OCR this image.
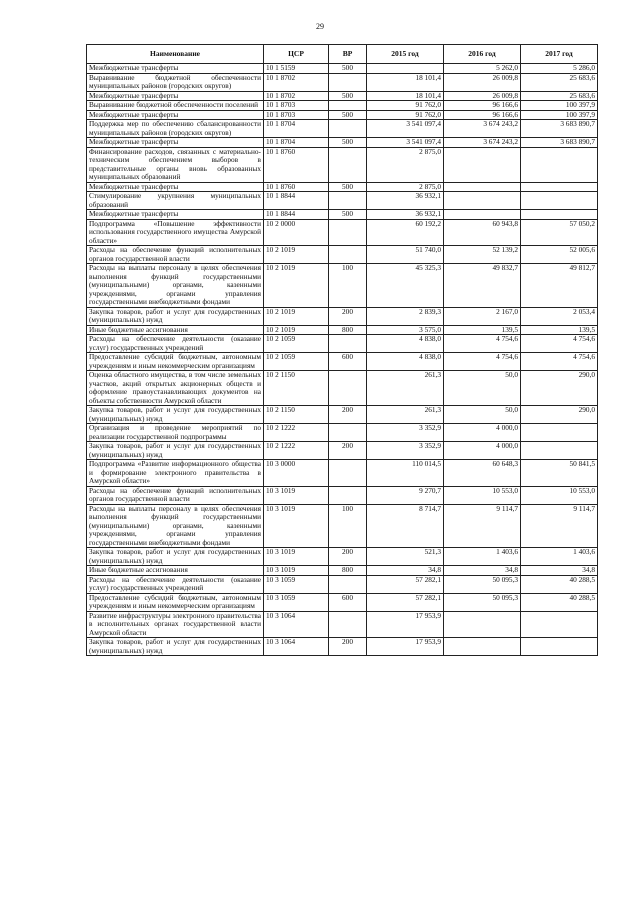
29
Наименование	ЦСР	ВР	2015 год	2016 год	2017 год
Межбюджетные трансферты	10 1 5159	500		5 262,0	5 286,0
Выравнивание бюджетной обеспеченности муниципальных районов (городских округов)	10 1 8702		18 101,4	26 009,8	25 683,6
Межбюджетные трансферты	10 1 8702	500	18 101,4	26 009,8	25 683,6
Выравнивание бюджетной обеспеченности поселений	10 1 8703		91 762,0	96 166,6	100 397,9
Межбюджетные трансферты	10 1 8703	500	91 762,0	96 166,6	100 397,9
Поддержка мер по обеспечению сбалансированности муниципальных районов (городских округов)	10 1 8704		3 541 097,4	3 674 243,2	3 683 890,7
Межбюджетные трансферты	10 1 8704	500	3 541 097,4	3 674 243,2	3 683 890,7
Финансирование расходов, связанных с материально-техническим обеспечением выборов в представительные органы вновь образованных муниципальных образований	10 1 8760		2 875,0		
Межбюджетные трансферты	10 1 8760	500	2 875,0		
Стимулирование укрупнения муниципальных образований	10 1 8844		36 932,1		
Межбюджетные трансферты	10 1 8844	500	36 932,1		
Подпрограмма «Повышение эффективности использования государственного имущества Амурской области»	10 2 0000		60 192,2	60 943,8	57 050,2
Расходы на обеспечение функций исполнительных органов государственной власти	10 2 1019		51 740,0	52 139,2	52 005,6
Расходы на выплаты персоналу в целях обеспечения выполнения функций государственными (муниципальными) органами, казенными учреждениями, органами управления государственными внебюджетными фондами	10 2 1019	100	45 325,3	49 832,7	49 812,7
Закупка товаров, работ и услуг для государственных (муниципальных) нужд	10 2 1019	200	2 839,3	2 167,0	2 053,4
Иные бюджетные ассигнования	10 2 1019	800	3 575,0	139,5	139,5
Расходы на обеспечение деятельности (оказание услуг) государственных учреждений	10 2 1059		4 838,0	4 754,6	4 754,6
Предоставление субсидий бюджетным, автономным учреждениям и иным некоммерческим организациям	10 2 1059	600	4 838,0	4 754,6	4 754,6
Оценка областного имущества, в том числе земельных участков, акций открытых акционерных обществ и оформление правоустанавливающих документов на объекты собственности Амурской области	10 2 1150		261,3	50,0	290,0
Закупка товаров, работ и услуг для государственных (муниципальных) нужд	10 2 1150	200	261,3	50,0	290,0
Организация и проведение мероприятий по реализации государственной подпрограммы	10 2 1222		3 352,9	4 000,0	
Закупка товаров, работ и услуг для государственных (муниципальных) нужд	10 2 1222	200	3 352,9	4 000,0	
Подпрограмма «Развитие информационного общества и формирование электронного правительства в Амурской области»	10 3 0000		110 014,5	60 648,3	50 841,5
Расходы на обеспечение функций исполнительных органов государственной власти	10 3 1019		9 270,7	10 553,0	10 553,0
Расходы на выплаты персоналу в целях обеспечения выполнения функций государственными (муниципальными) органами, казенными учреждениями, органами управления государственными внебюджетными фондами	10 3 1019	100	8 714,7	9 114,7	9 114,7
Закупка товаров, работ и услуг для государственных (муниципальных) нужд	10 3 1019	200	521,3	1 403,6	1 403,6
Иные бюджетные ассигнования	10 3 1019	800	34,8	34,8	34,8
Расходы на обеспечение деятельности (оказание услуг) государственных учреждений	10 3 1059		57 282,1	50 095,3	40 288,5
Предоставление субсидий бюджетным, автономным учреждениям и иным некоммерческим организациям	10 3 1059	600	57 282,1	50 095,3	40 288,5
Развитие инфраструктуры электронного правительства в исполнительных органах государственной власти Амурской области	10 3 1064		17 953,9		
Закупка товаров, работ и услуг для государственных (муниципальных) нужд	10 3 1064	200	17 953,9		
